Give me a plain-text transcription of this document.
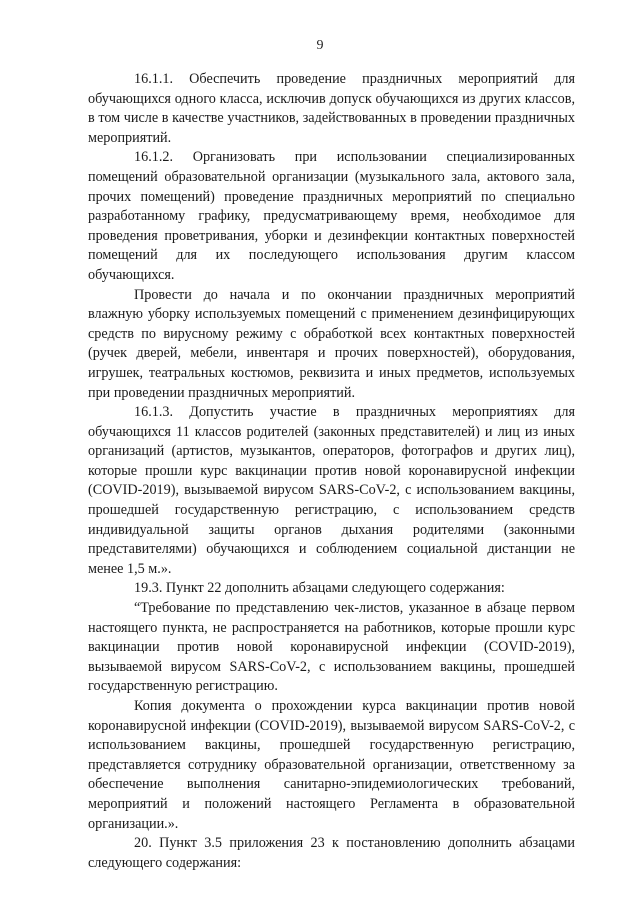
9

16.1.1. Обеспечить проведение праздничных мероприятий для обучающихся одного класса, исключив допуск обучающихся из других классов, в том числе в качестве участников, задействованных в проведении праздничных мероприятий.

16.1.2. Организовать при использовании специализированных помещений образовательной организации (музыкального зала, актового зала, прочих помещений) проведение праздничных мероприятий по специально разработанному графику, предусматривающему время, необходимое для проведения проветривания, уборки и дезинфекции контактных поверхностей помещений для их последующего использования другим классом обучающихся.

Провести до начала и по окончании праздничных мероприятий влажную уборку используемых помещений с применением дезинфицирующих средств по вирусному режиму с обработкой всех контактных поверхностей (ручек дверей, мебели, инвентаря и прочих поверхностей), оборудования, игрушек, театральных костюмов, реквизита и иных предметов, используемых при проведении праздничных мероприятий.

16.1.3. Допустить участие в праздничных мероприятиях для обучающихся 11 классов родителей (законных представителей) и лиц из иных организаций (артистов, музыкантов, операторов, фотографов и других лиц), которые прошли курс вакцинации против новой коронавирусной инфекции (COVID-2019), вызываемой вирусом SARS-CoV-2, с использованием вакцины, прошедшей государственную регистрацию, с использованием средств индивидуальной защиты органов дыхания родителями (законными представителями) обучающихся и соблюдением социальной дистанции не менее 1,5 м.».

19.3. Пункт 22 дополнить абзацами следующего содержания:

“Требование по представлению чек-листов, указанное в абзаце первом настоящего пункта, не распространяется на работников, которые прошли курс вакцинации против новой коронавирусной инфекции (COVID-2019), вызываемой вирусом SARS-CoV-2, с использованием вакцины, прошедшей государственную регистрацию.

Копия документа о прохождении курса вакцинации против новой коронавирусной инфекции (COVID-2019), вызываемой вирусом SARS-CoV-2, с использованием вакцины, прошедшей государственную регистрацию, представляется сотруднику образовательной организации, ответственному за обеспечение выполнения санитарно-эпидемиологических требований, мероприятий и положений настоящего Регламента в образовательной организации.».

20. Пункт 3.5 приложения 23 к постановлению дополнить абзацами следующего содержания:
